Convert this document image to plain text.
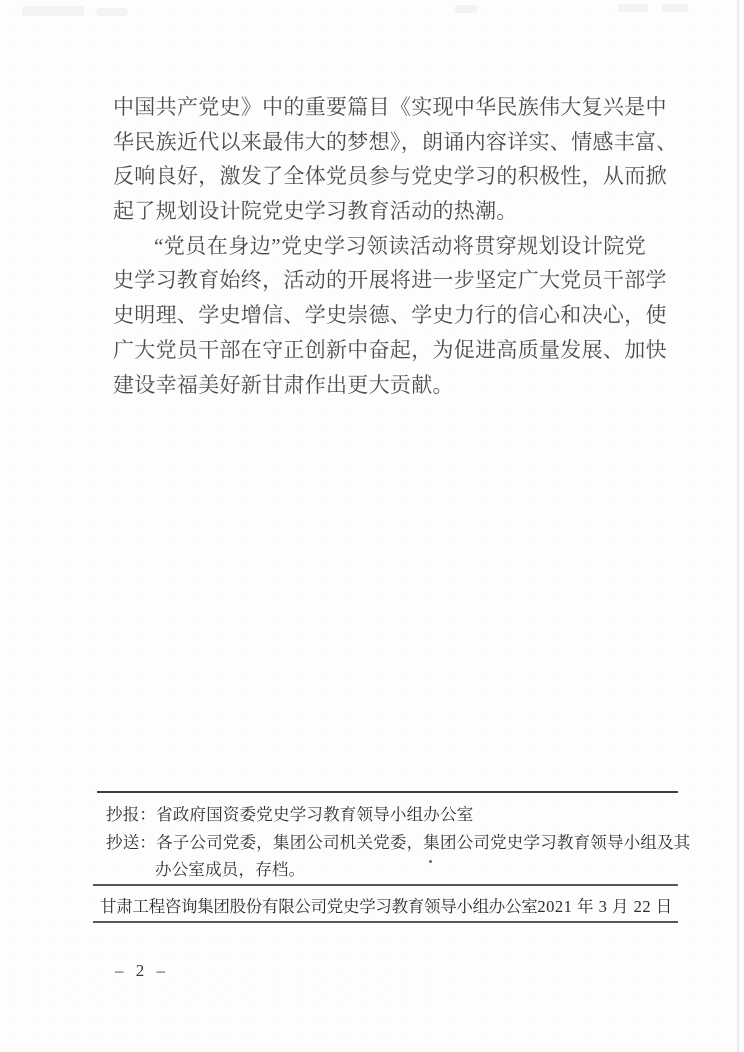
中国共产党史》中的重要篇目《实现中华民族伟大复兴是中
华民族近代以来最伟大的梦想》，朗诵内容详实、情感丰富、
反响良好，激发了全体党员参与党史学习的积极性，从而掀
起了规划设计院党史学习教育活动的热潮。
“党员在身边”党史学习领读活动将贯穿规划设计院党
史学习教育始终，活动的开展将进一步坚定广大党员干部学
史明理、学史增信、学史崇德、学史力行的信心和决心，使
广大党员干部在守正创新中奋起，为促进高质量发展、加快
建设幸福美好新甘肃作出更大贡献。
抄报：省政府国资委党史学习教育领导小组办公室
抄送：各子公司党委，集团公司机关党委，集团公司党史学习教育领导小组及其
办公室成员，存档。
甘肃工程咨询集团股份有限公司党史学习教育领导小组办公室 2021 年 3 月 22 日
– 2 –
